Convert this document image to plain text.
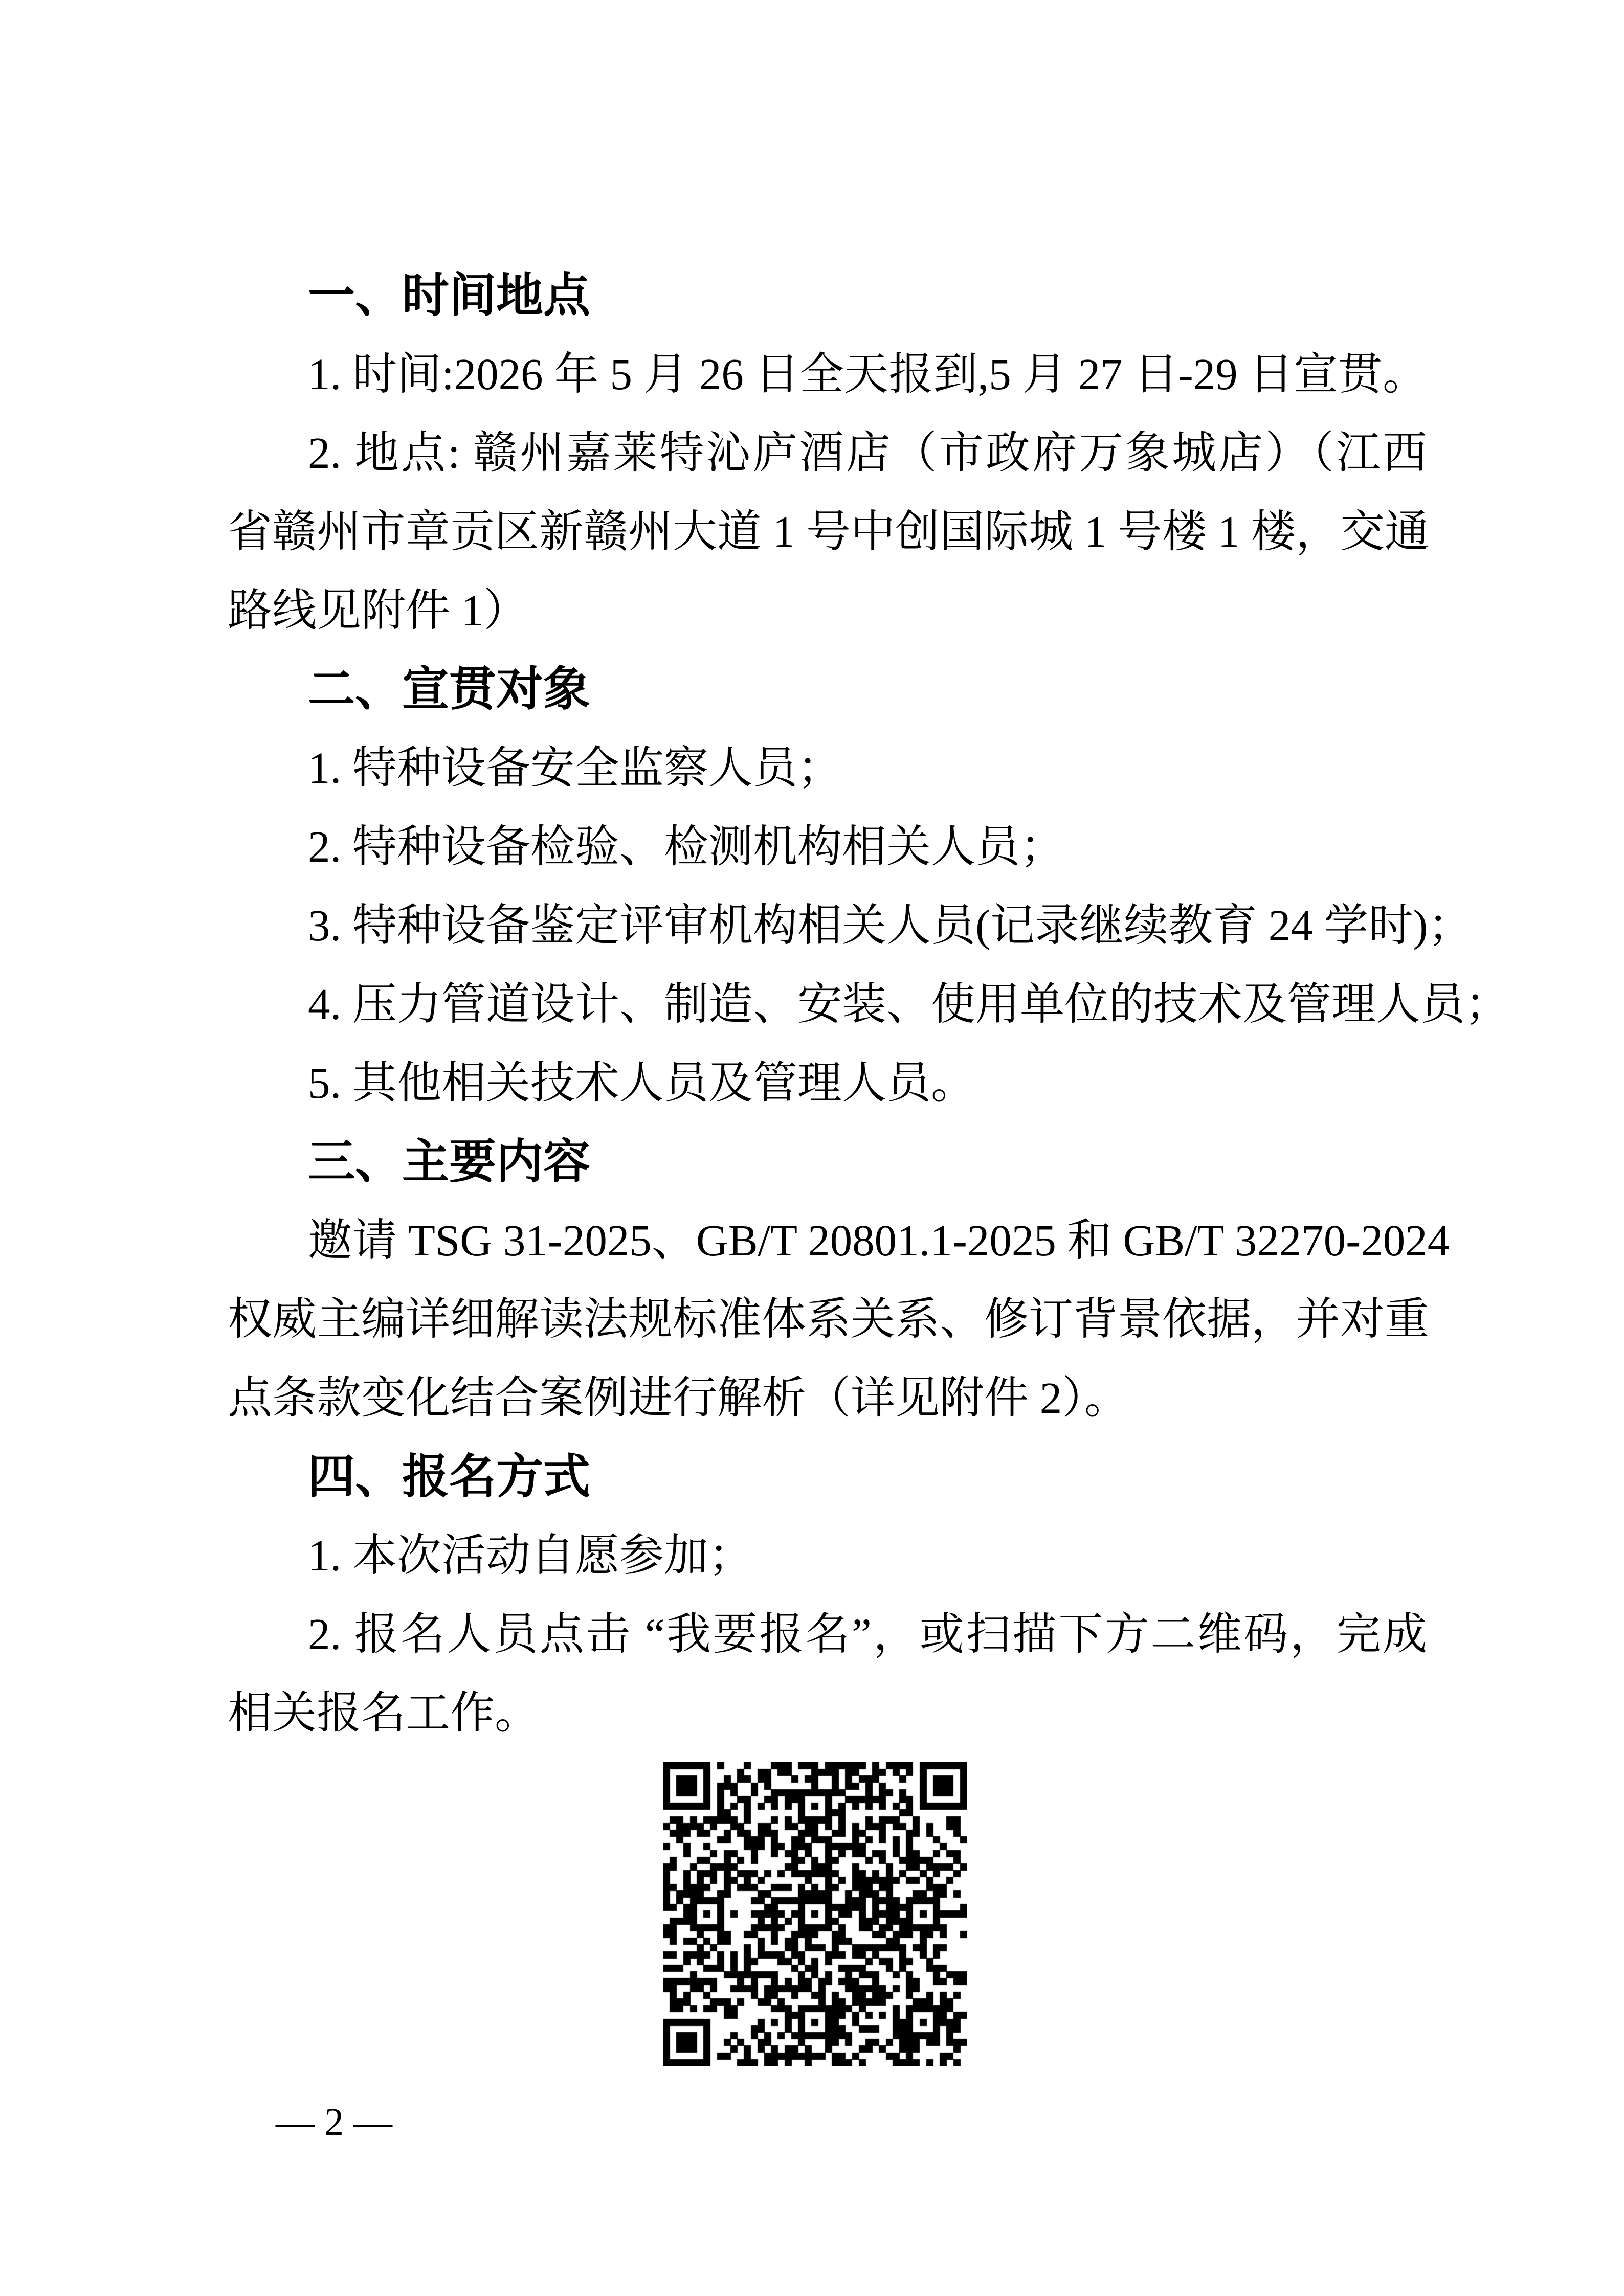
一、时间地点
1. 时间:2026 年 5 月 26 日全天报到,5 月 27 日-29 日宣贯。
2. 地点: 赣州嘉莱特沁庐酒店（市政府万象城店）（江西
省赣州市章贡区新赣州大道 1 号中创国际城 1 号楼 1 楼，交通
路线见附件 1）
二、宣贯对象
1. 特种设备安全监察人员；
2. 特种设备检验、检测机构相关人员；
3. 特种设备鉴定评审机构相关人员(记录继续教育 24 学时)；
4. 压力管道设计、制造、安装、使用单位的技术及管理人员；
5. 其他相关技术人员及管理人员。
三、主要内容
邀请 TSG 31-2025、GB/T 20801.1-2025 和 GB/T 32270-2024
权威主编详细解读法规标准体系关系、修订背景依据，并对重
点条款变化结合案例进行解析（详见附件 2）。
四、报名方式
1. 本次活动自愿参加；
2. 报名人员点击 “我要报名”，或扫描下方二维码，完成
相关报名工作。
— 2 —
